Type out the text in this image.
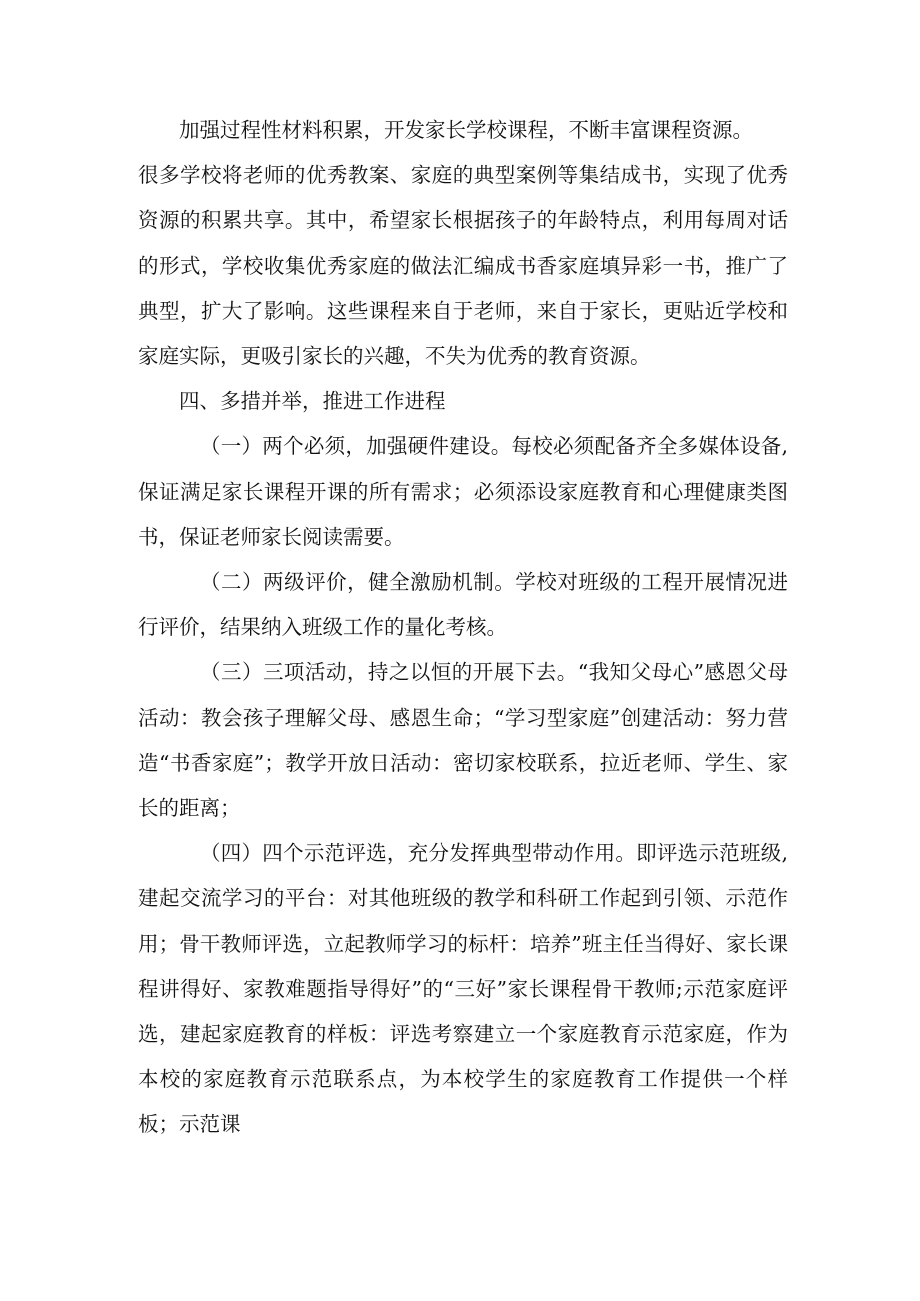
加强过程性材料积累，开发家长学校课程，不断丰富课程资源。

很多学校将老师的优秀教案、家庭的典型案例等集结成书，实现了优秀资源的积累共享。其中，希望家长根据孩子的年龄特点，利用每周对话的形式，学校收集优秀家庭的做法汇编成书香家庭填异彩一书，推广了典型，扩大了影响。这些课程来自于老师，来自于家长，更贴近学校和家庭实际，更吸引家长的兴趣，不失为优秀的教育资源。

四、多措并举，推进工作进程

（一）两个必须，加强硬件建设。每校必须配备齐全多媒体设备,保证满足家长课程开课的所有需求；必须添设家庭教育和心理健康类图书，保证老师家长阅读需要。

（二）两级评价，健全激励机制。学校对班级的工程开展情况进行评价，结果纳入班级工作的量化考核。

（三）三项活动，持之以恒的开展下去。“我知父母心”感恩父母活动：教会孩子理解父母、感恩生命；“学习型家庭”创建活动：努力营造“书香家庭”；教学开放日活动：密切家校联系，拉近老师、学生、家长的距离；

（四）四个示范评选，充分发挥典型带动作用。即评选示范班级,建起交流学习的平台：对其他班级的教学和科研工作起到引领、示范作用；骨干教师评选，立起教师学习的标杆：培养”班主任当得好、家长课程讲得好、家教难题指导得好”的“三好”家长课程骨干教师;示范家庭评选，建起家庭教育的样板：评选考察建立一个家庭教育示范家庭，作为本校的家庭教育示范联系点，为本校学生的家庭教育工作提供一个样板；示范课
